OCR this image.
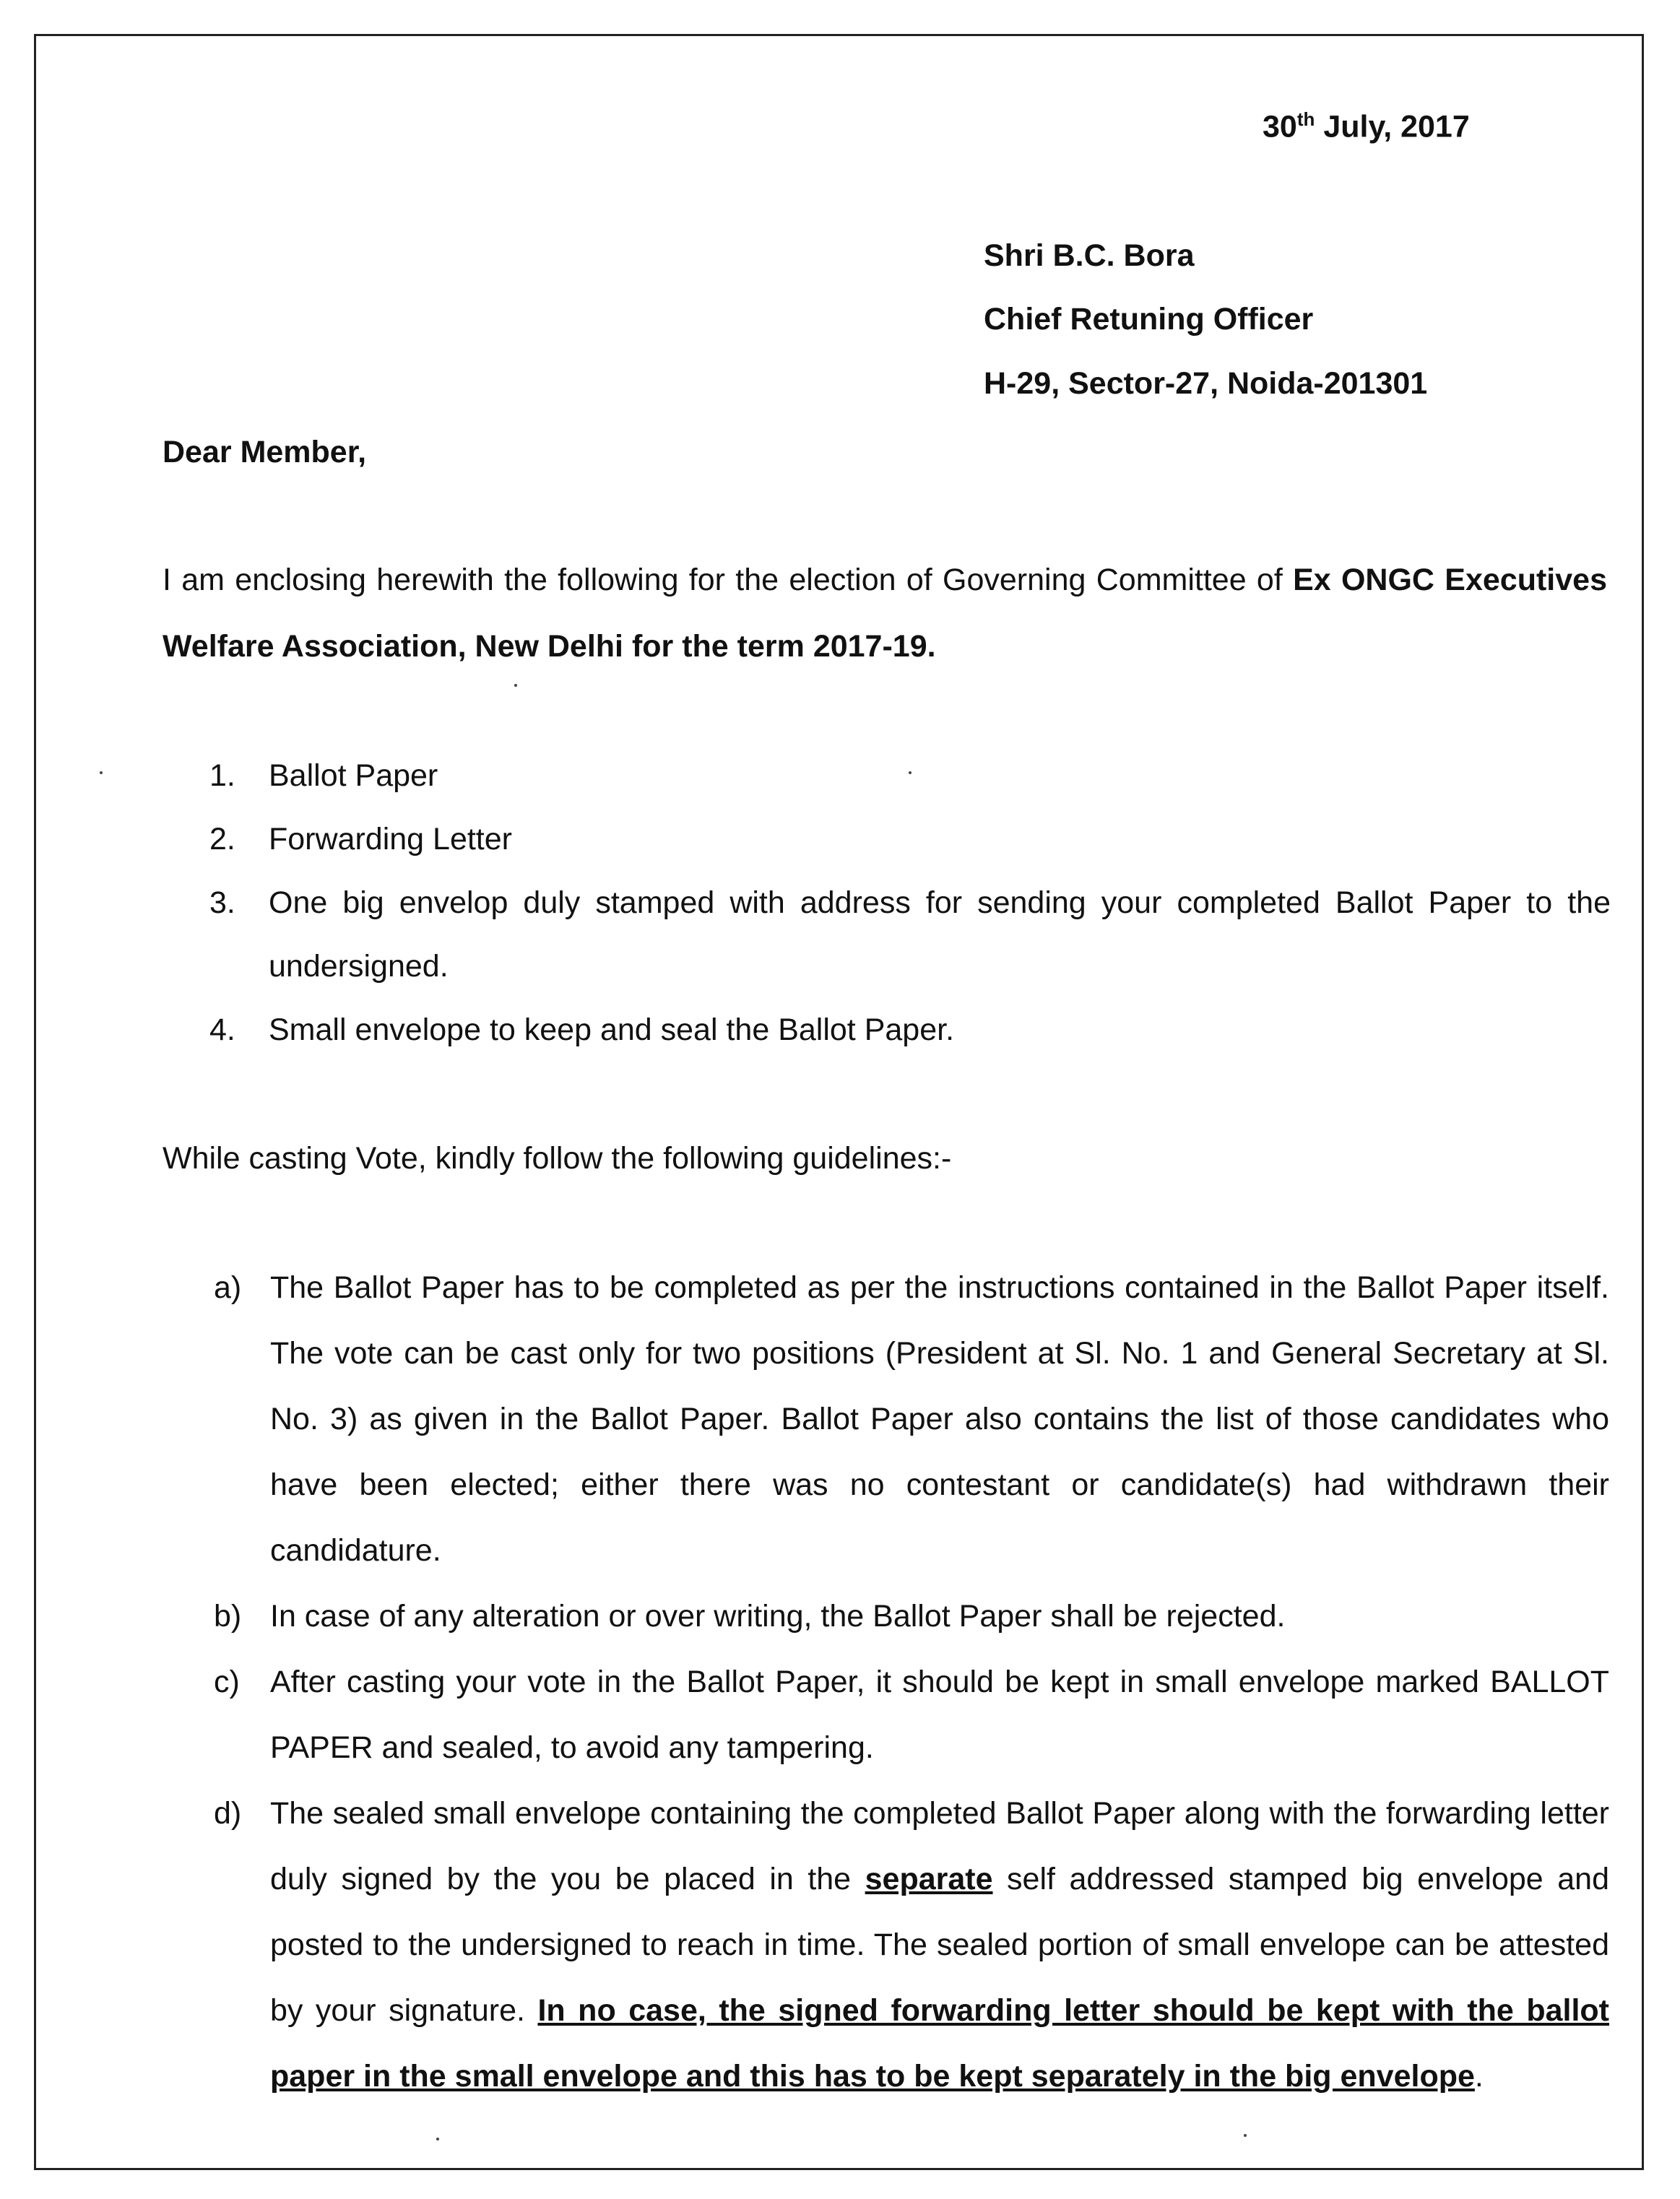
30th July, 2017
Shri B.C. Bora
Chief Retuning Officer
H-29, Sector-27, Noida-201301
Dear Member,
I am enclosing herewith the following for the election of Governing Committee of Ex ONGC Executives Welfare Association, New Delhi for the term 2017-19.
1. Ballot Paper
2. Forwarding Letter
3. One big envelop duly stamped with address for sending your completed Ballot Paper to the undersigned.
4. Small envelope to keep and seal the Ballot Paper.
While casting Vote, kindly follow the following guidelines:-
a) The Ballot Paper has to be completed as per the instructions contained in the Ballot Paper itself. The vote can be cast only for two positions (President at Sl. No. 1 and General Secretary at Sl. No. 3) as given in the Ballot Paper. Ballot Paper also contains the list of those candidates who have been elected; either there was no contestant or candidate(s) had withdrawn their candidature.
b) In case of any alteration or over writing, the Ballot Paper shall be rejected.
c) After casting your vote in the Ballot Paper, it should be kept in small envelope marked BALLOT PAPER and sealed, to avoid any tampering.
d) The sealed small envelope containing the completed Ballot Paper along with the forwarding letter duly signed by the you be placed in the separate self addressed stamped big envelope and posted to the undersigned to reach in time. The sealed portion of small envelope can be attested by your signature. In no case, the signed forwarding letter should be kept with the ballot paper in the small envelope and this has to be kept separately in the big envelope.
